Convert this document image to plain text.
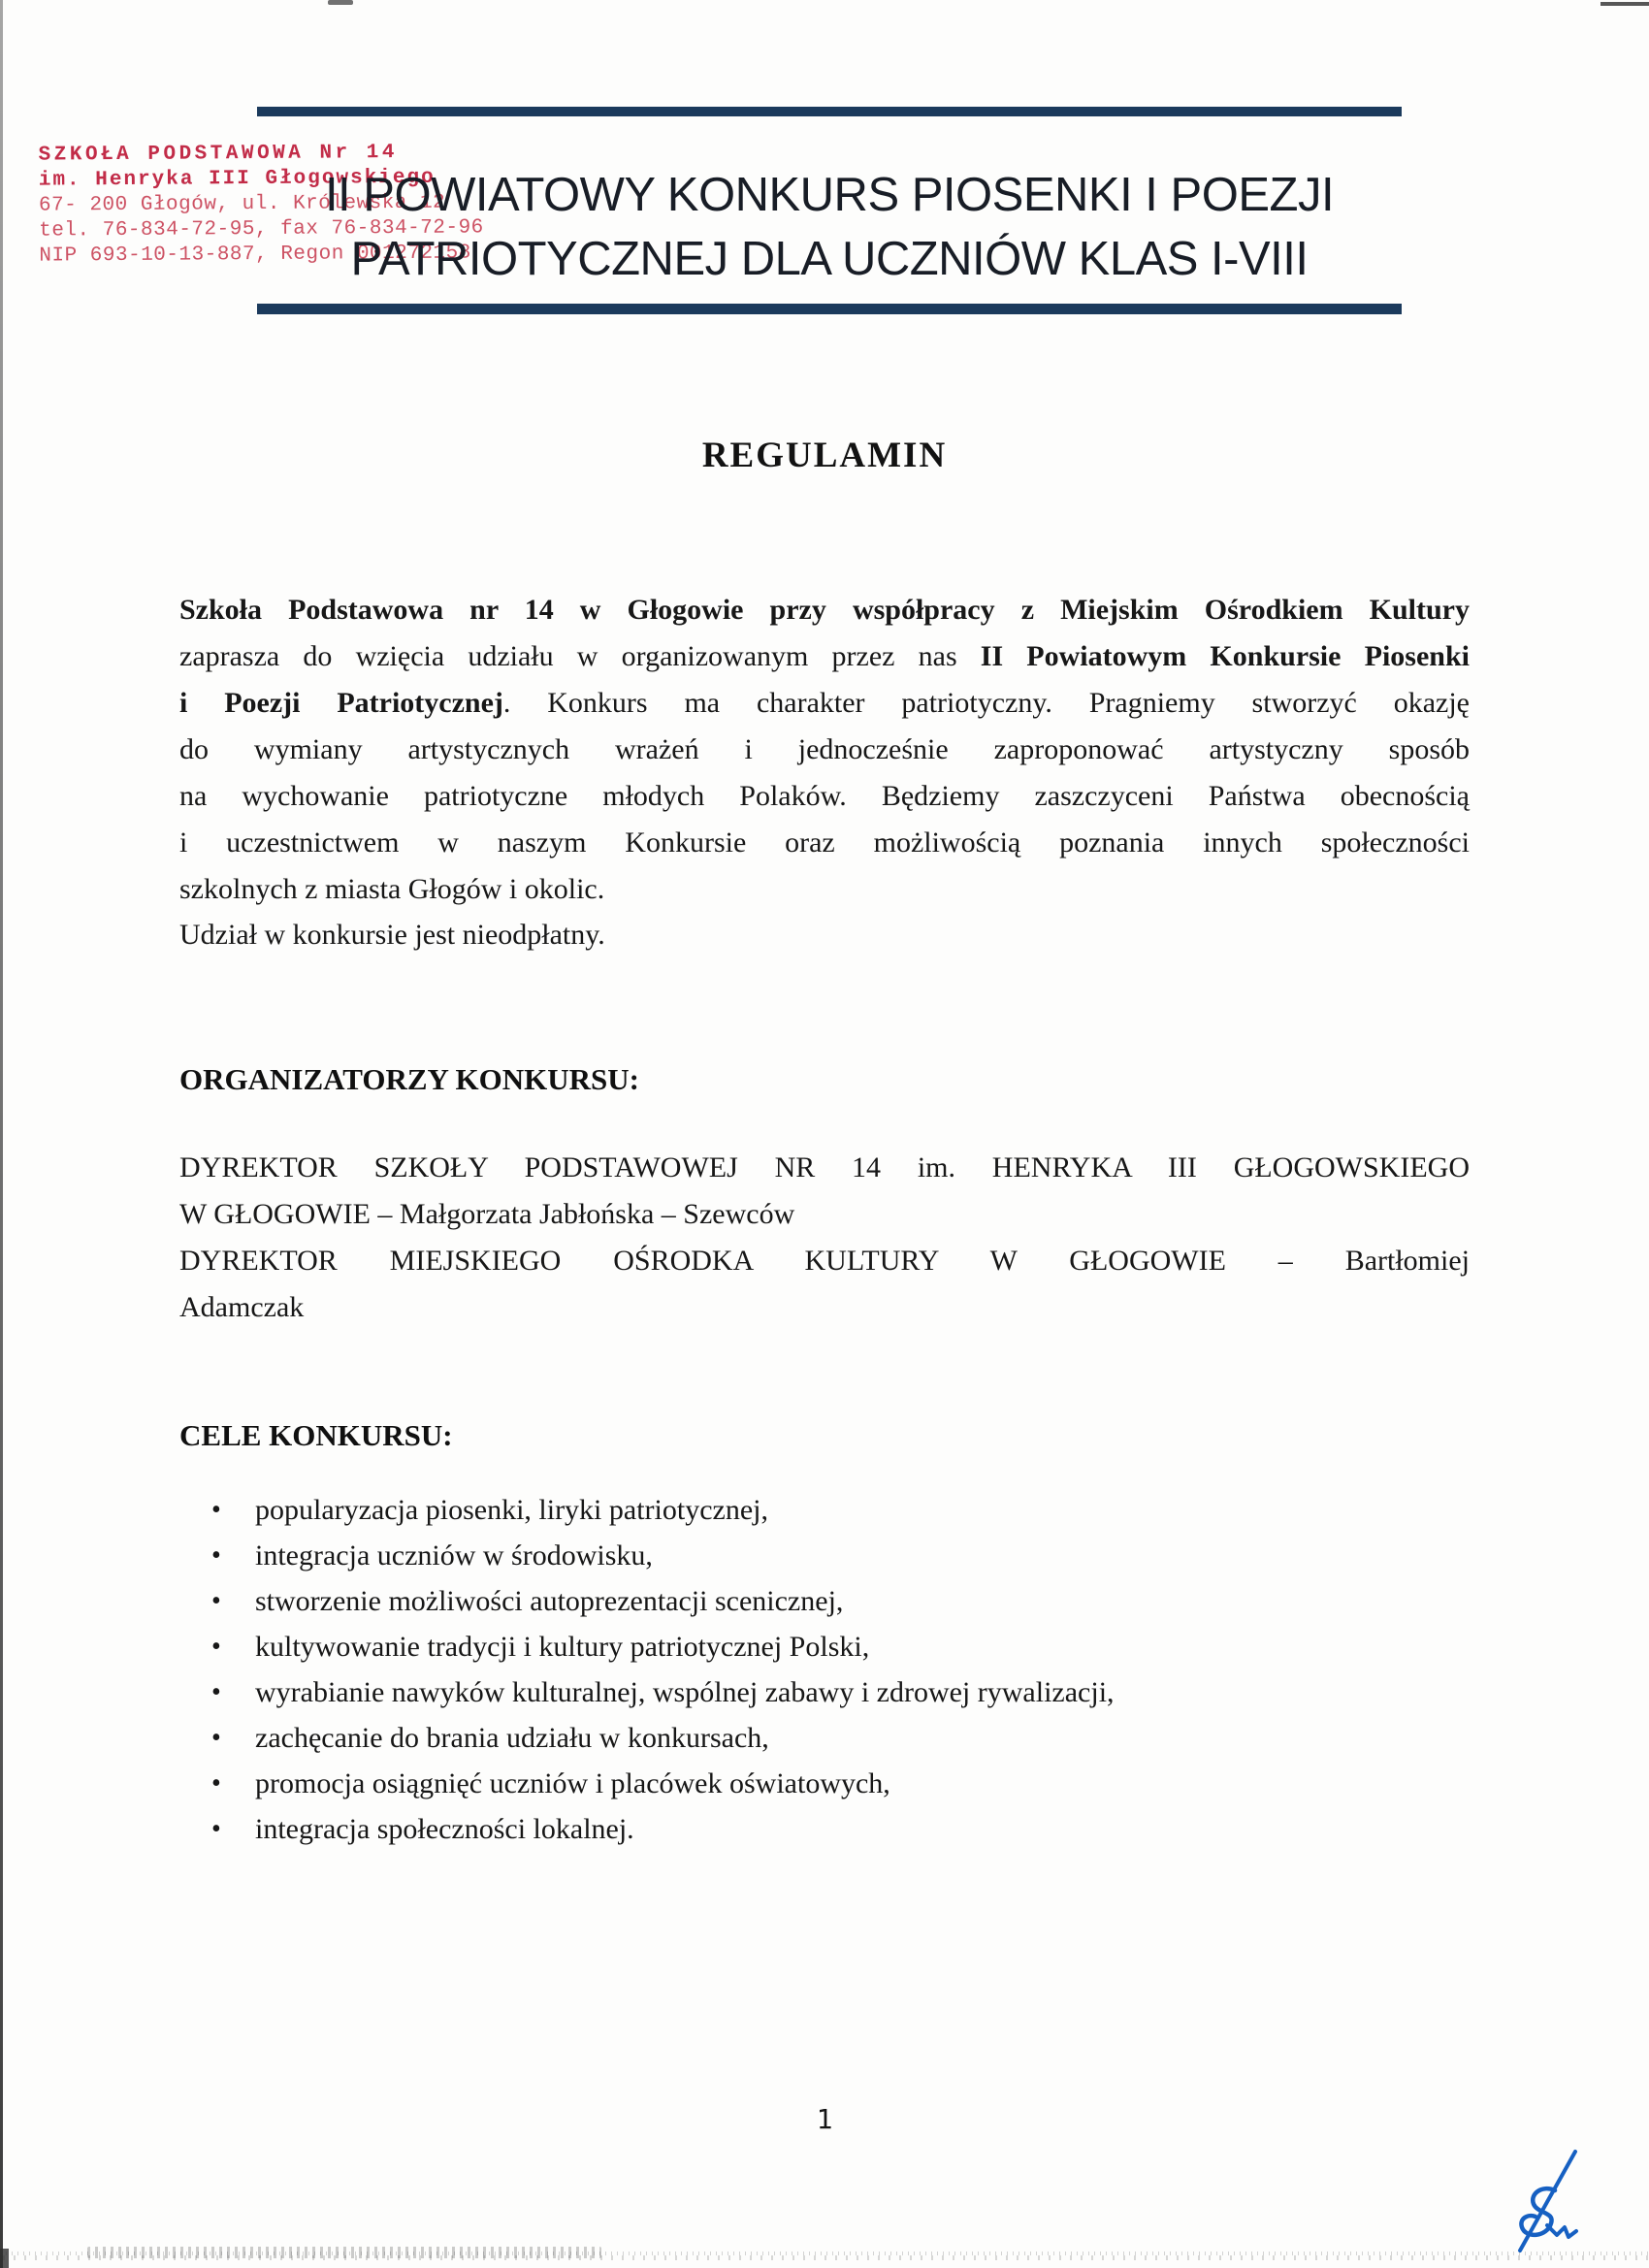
SZKOŁA PODSTAWOWA Nr 14
im. Henryka III Głogowskiego
67- 200 Głogów, ul. Królewska 12
tel. 76-834-72-95, fax 76-834-72-96
NIP 693-10-13-887, Regon 001272158
II POWIATOWY KONKURS PIOSENKI I POEZJI
PATRIOTYCZNEJ DLA UCZNIÓW KLAS I-VIII
REGULAMIN
Szkoła Podstawowa nr 14 w Głogowie przy współpracy z Miejskim Ośrodkiem Kultury
zaprasza do wzięcia udziału w organizowanym przez nas II Powiatowym Konkursie Piosenki
i Poezji Patriotycznej. Konkurs ma charakter patriotyczny. Pragniemy stworzyć okazję
do wymiany artystycznych wrażeń i jednocześnie zaproponować artystyczny sposób
na wychowanie patriotyczne młodych Polaków. Będziemy zaszczyceni Państwa obecnością
i uczestnictwem w naszym Konkursie oraz możliwością poznania innych społeczności
szkolnych z miasta Głogów i okolic.
Udział w konkursie jest nieodpłatny.
ORGANIZATORZY KONKURSU:
DYREKTOR SZKOŁY PODSTAWOWEJ NR 14 im. HENRYKA III GŁOGOWSKIEGO
W GŁOGOWIE – Małgorzata Jabłońska – Szewców
DYREKTOR MIEJSKIEGO OŚRODKA KULTURY W GŁOGOWIE – Bartłomiej
Adamczak
CELE KONKURSU:
• popularyzacja piosenki, liryki patriotycznej,
• integracja uczniów w środowisku,
• stworzenie możliwości autoprezentacji scenicznej,
• kultywowanie tradycji i kultury patriotycznej Polski,
• wyrabianie nawyków kulturalnej, wspólnej zabawy i zdrowej rywalizacji,
• zachęcanie do brania udziału w konkursach,
• promocja osiągnięć uczniów i placówek oświatowych,
• integracja społeczności lokalnej.
1
